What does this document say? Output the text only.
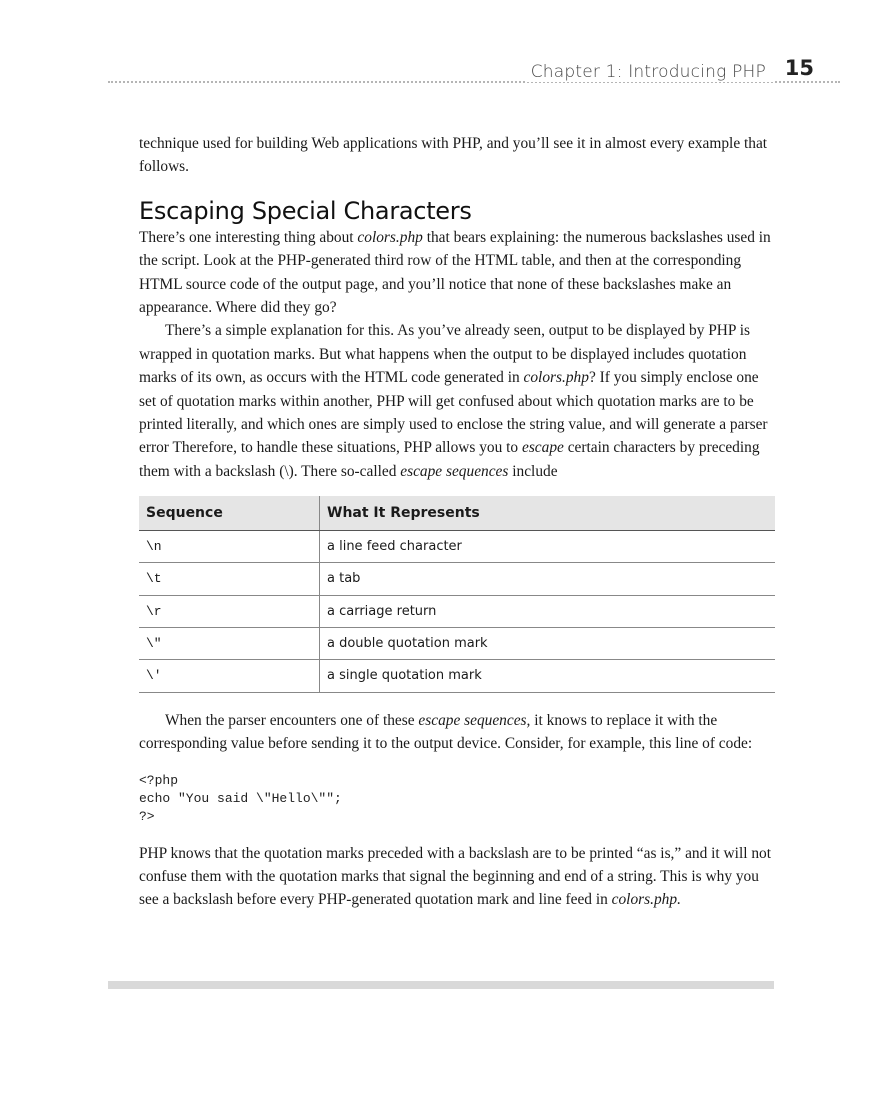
Chapter 1: Introducing PHP 15

technique used for building Web applications with PHP, and you’ll see it in almost every example that follows.

Escaping Special Characters

There’s one interesting thing about colors.php that bears explaining: the numerous backslashes used in the script. Look at the PHP-generated third row of the HTML table, and then at the corresponding HTML source code of the output page, and you’ll notice that none of these backslashes make an appearance. Where did they go?

There’s a simple explanation for this. As you’ve already seen, output to be displayed by PHP is wrapped in quotation marks. But what happens when the output to be displayed includes quotation marks of its own, as occurs with the HTML code generated in colors.php? If you simply enclose one set of quotation marks within another, PHP will get confused about which quotation marks are to be printed literally, and which ones are simply used to enclose the string value, and will generate a parser error Therefore, to handle these situations, PHP allows you to escape certain characters by preceding them with a backslash (\). There so-called escape sequences include

Sequence	What It Represents
\n	a line feed character
\t	a tab
\r	a carriage return
\"	a double quotation mark
\'	a single quotation mark

When the parser encounters one of these escape sequences, it knows to replace it with the corresponding value before sending it to the output device. Consider, for example, this line of code:

<?php
echo "You said \"Hello\"";
?>

PHP knows that the quotation marks preceded with a backslash are to be printed “as is,” and it will not confuse them with the quotation marks that signal the beginning and end of a string. This is why you see a backslash before every PHP-generated quotation mark and line feed in colors.php.
